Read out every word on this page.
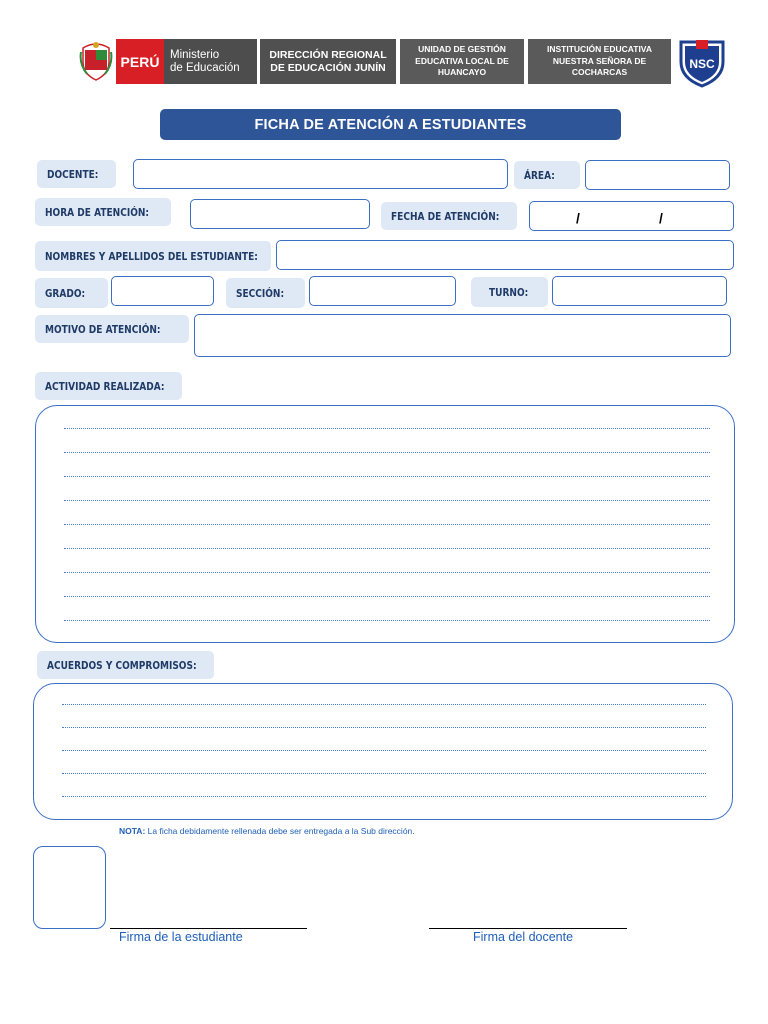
PERÚ Ministerio
de Educación
DIRECCIÓN REGIONAL
DE EDUCACIÓN JUNÍN
UNIDAD DE GESTIÓN
EDUCATIVA LOCAL DE
HUANCAYO
INSTITUCIÓN EDUCATIVA
NUESTRA SEÑORA DE
COCHARCAS
NSC
FICHA DE ATENCIÓN A ESTUDIANTES
DOCENTE:	ÁREA:
HORA DE ATENCIÓN:	FECHA DE ATENCIÓN:	/	/
NOMBRES Y APELLIDOS DEL ESTUDIANTE:
GRADO:	SECCIÓN:	TURNO:
MOTIVO DE ATENCIÓN:
ACTIVIDAD REALIZADA:
ACUERDOS Y COMPROMISOS:
NOTA: La ficha debidamente rellenada debe ser entregada a la Sub dirección.
Firma de la estudiante	Firma del docente
